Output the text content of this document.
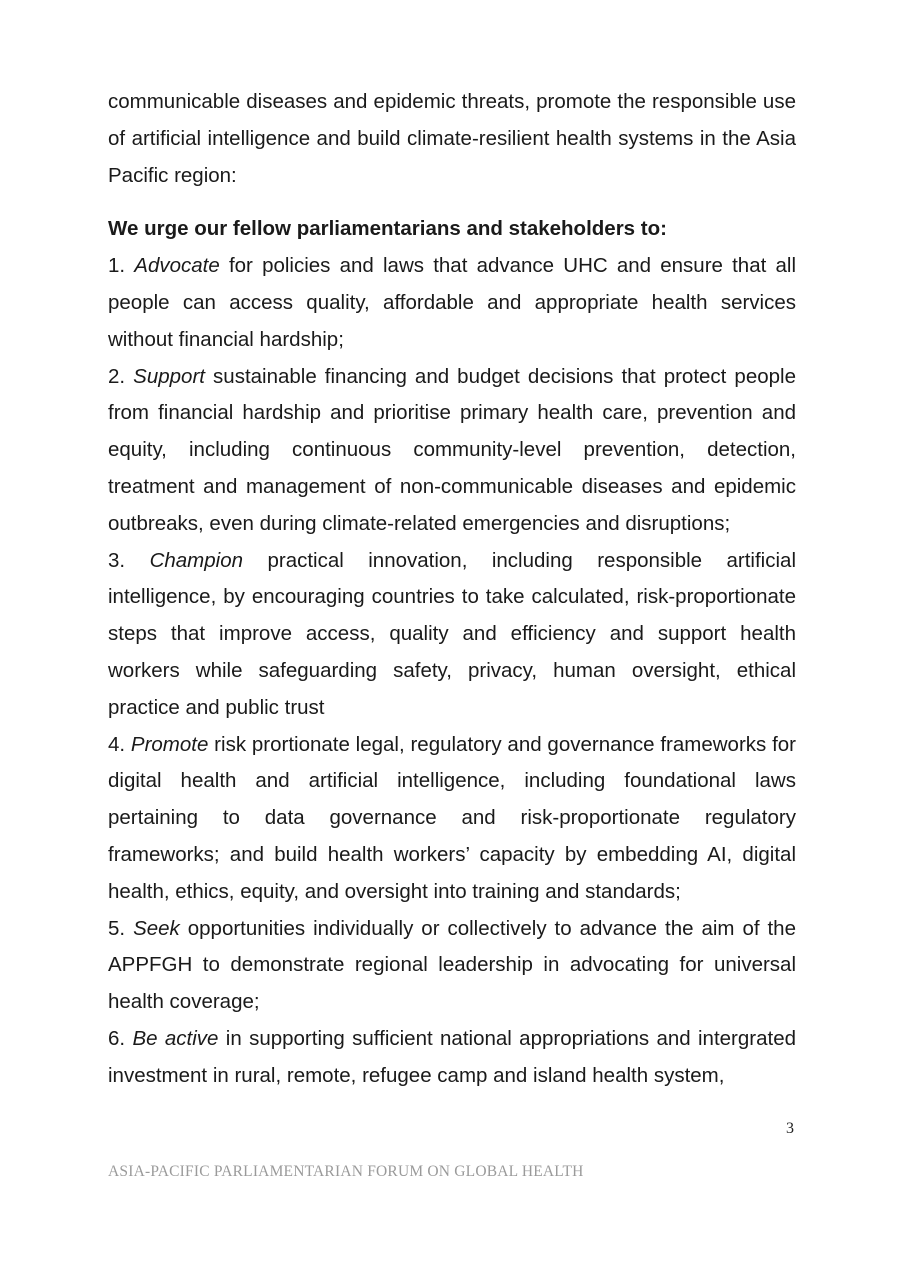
communicable diseases and epidemic threats, promote the responsible use of artificial intelligence and build climate-resilient health systems in the Asia Pacific region:

We urge our fellow parliamentarians and stakeholders to:

1. Advocate for policies and laws that advance UHC and ensure that all people can access quality, affordable and appropriate health services without financial hardship;

2. Support sustainable financing and budget decisions that protect people from financial hardship and prioritise primary health care, prevention and equity, including continuous community-level prevention, detection, treatment and management of non-communicable diseases and epidemic outbreaks, even during climate-related emergencies and disruptions;

3. Champion practical innovation, including responsible artificial intelligence, by encouraging countries to take calculated, risk-proportionate steps that improve access, quality and efficiency and support health workers while safeguarding safety, privacy, human oversight, ethical practice and public trust

4. Promote risk prortionate legal, regulatory and governance frameworks for digital health and artificial intelligence, including foundational laws pertaining to data governance and risk-proportionate regulatory frameworks; and build health workers’ capacity by embedding AI, digital health, ethics, equity, and oversight into training and standards;

5. Seek opportunities individually or collectively to advance the aim of the APPFGH to demonstrate regional leadership in advocating for universal health coverage;

6. Be active in supporting sufficient national appropriations and intergrated investment in rural, remote, refugee camp and island health system,

3

ASIA-PACIFIC PARLIAMENTARIAN FORUM ON GLOBAL HEALTH
